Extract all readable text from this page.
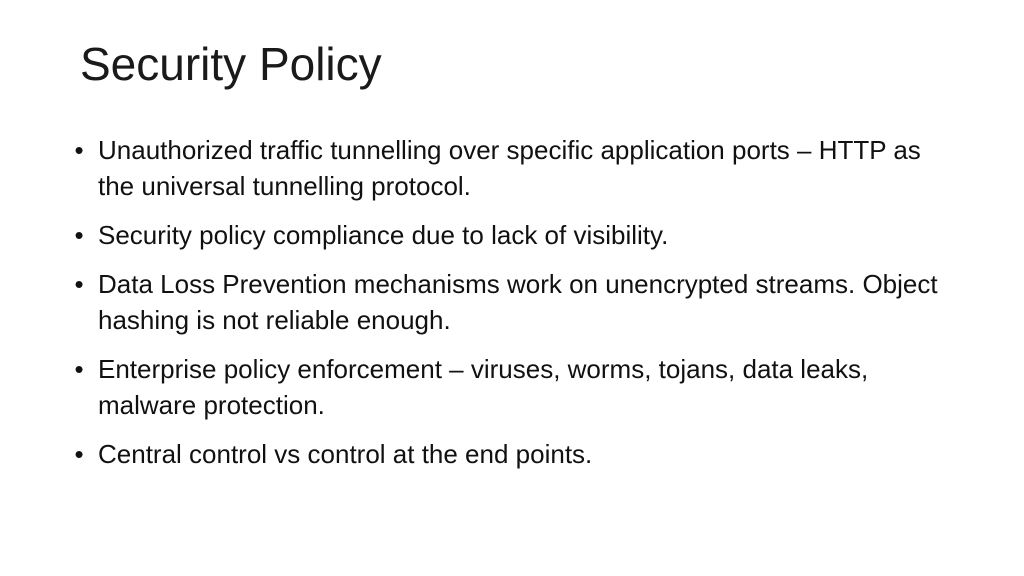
Security Policy
• Unauthorized traffic tunnelling over specific application ports – HTTP as the universal tunnelling protocol.
• Security policy compliance due to lack of visibility.
• Data Loss Prevention mechanisms work on unencrypted streams. Object hashing is not reliable enough.
• Enterprise policy enforcement – viruses, worms, tojans, data leaks, malware protection.
• Central control vs control at the end points.
